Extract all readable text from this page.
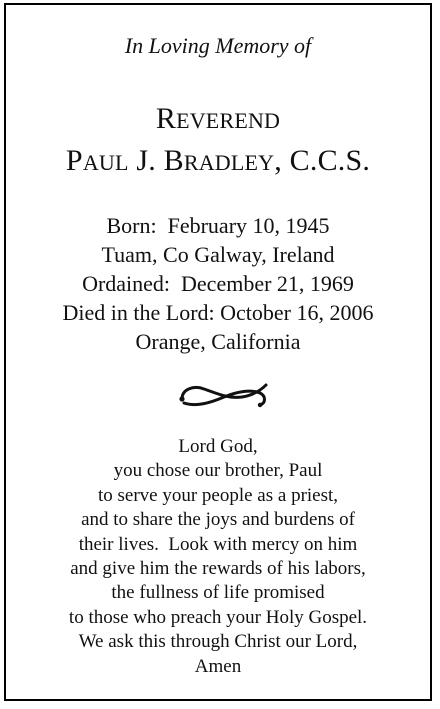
In Loving Memory of
REVEREND
PAUL J. BRADLEY, C.C.S.
Born:  February 10, 1945
Tuam, Co Galway, Ireland
Ordained:  December 21, 1969
Died in the Lord: October 16, 2006
Orange, California
Lord God,
you chose our brother, Paul
to serve your people as a priest,
and to share the joys and burdens of
their lives.  Look with mercy on him
and give him the rewards of his labors,
the fullness of life promised
to those who preach your Holy Gospel.
We ask this through Christ our Lord,
Amen
